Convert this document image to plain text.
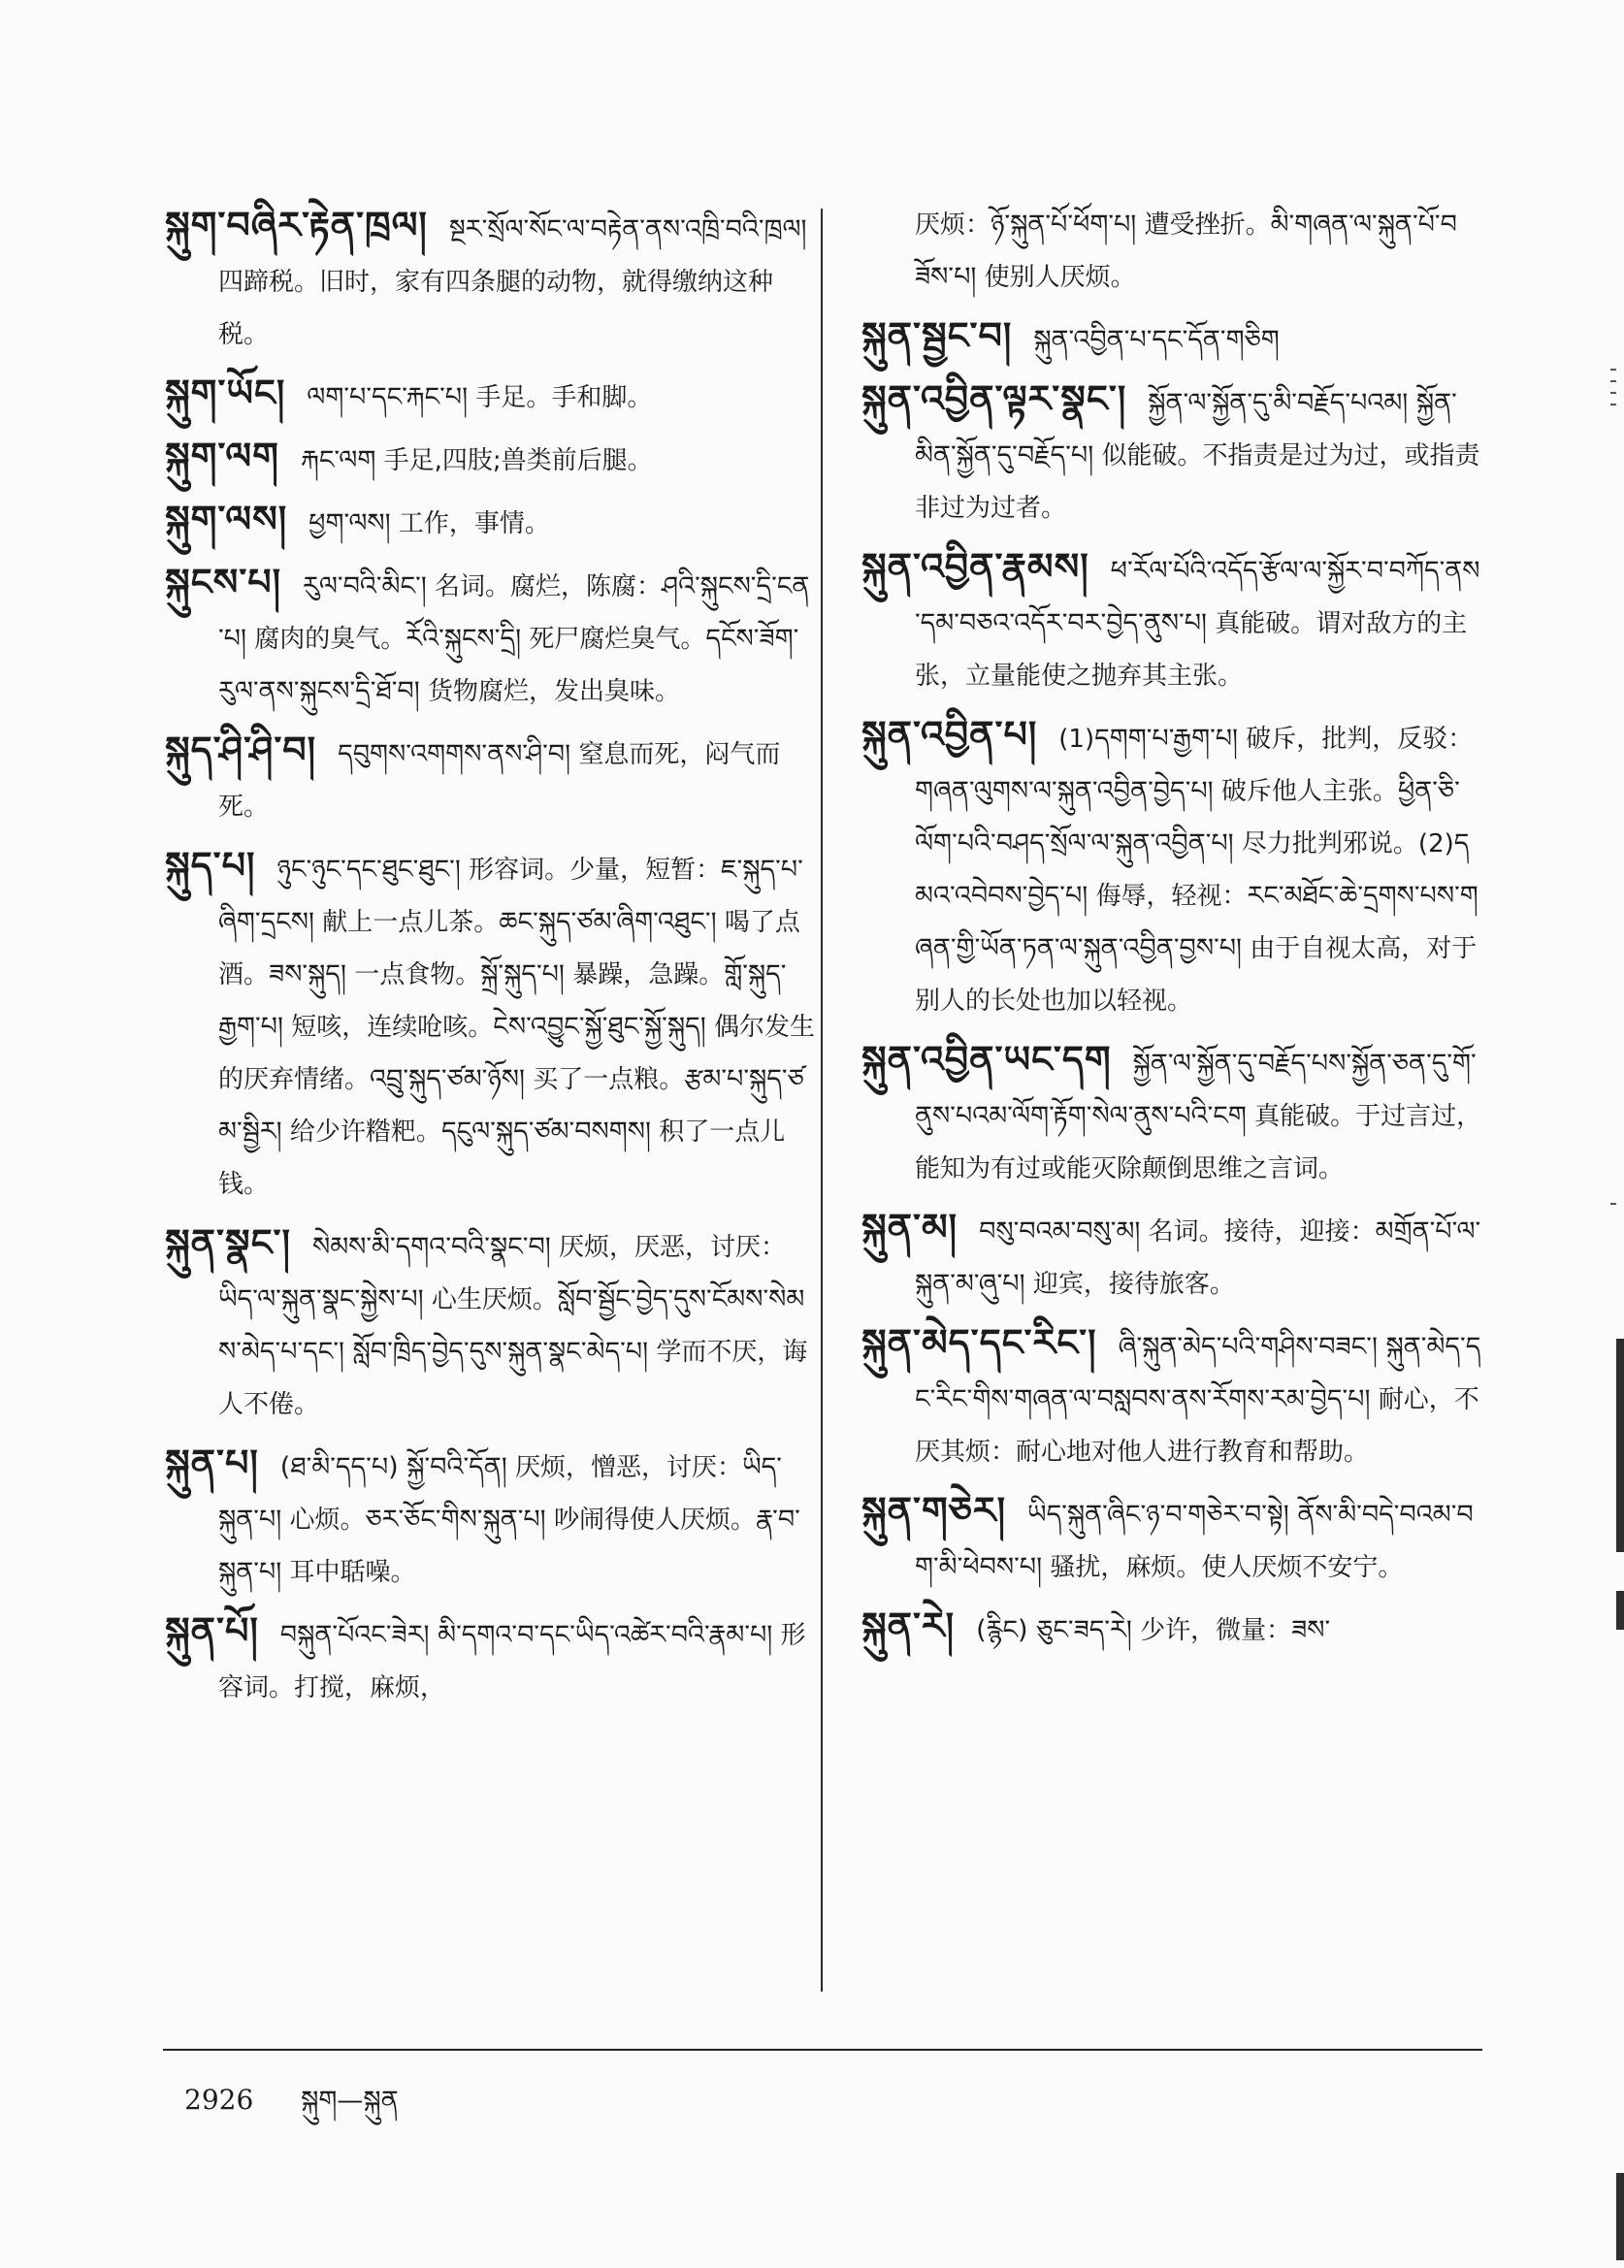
སྐུག་བཞིར་རྟེན་ཁྲལ། སྔར་སྲོལ་སོང་ལ་བརྟེན་ནས་འཁྲི་བའི་ཁྲལ། 四蹄税。旧时，家有四条腿的动物，就得缴纳这种税。

སྐུག་ཡོང། ལག་པ་དང་རྐང་པ། 手足。手和脚。

སྐུག་ལག རྐང་ལག 手足,四肢;兽类前后腿。

སྐུག་ལས། ཕྱག་ལས། 工作，事情。

སྐུངས་པ། རུལ་བའི་མིང་། 名词。腐烂，陈腐：ཤའི་སྐུངས་དྲི་ངན་པ། 腐肉的臭气。རོའི་སྐུངས་དྲི། 死尸腐烂臭气。དངོས་ཟོག་རུལ་ནས་སྐུངས་དྲི་ཐོ་བ། 货物腐烂，发出臭味。

སྐུད་ཤི་ཤི་བ། དབུགས་འགགས་ནས་ཤི་བ། 窒息而死，闷气而死。

སྐུད་པ། ཉུང་ཉུང་དང་ཐུང་ཐུང་། 形容词。少量，短暂：ཇ་སྐུད་པ་ཞིག་དྲངས། 献上一点儿茶。ཆང་སྐུད་ཙམ་ཞིག་འཐུང་། 喝了点酒。ཟས་སྐུད། 一点食物。སྐྲོ་སྐུད་པ། 暴躁，急躁。གློ་སྐུད་རྒྱག་པ། 短咳，连续呛咳。ངེས་འབྱུང་སྐྱོ་ཐུང་སྐྱོ་སྐུད། 偶尔发生的厌弃情绪。འབྲུ་སྐུད་ཙམ་ཉོས། 买了一点粮。རྩམ་པ་སྐུད་ཙམ་སྦྱིར། 给少许糌粑。དངུལ་སྐུད་ཙམ་བསགས། 积了一点儿钱。

སྐུན་སྣང་། སེམས་མི་དགའ་བའི་སྣང་བ། 厌烦，厌恶，讨厌：ཡིད་ལ་སྐུན་སྣང་སྐྱེས་པ། 心生厌烦。སློབ་སྦྱོང་བྱེད་དུས་ངོམས་སེམས་མེད་པ་དང་། སློབ་ཁྲིད་བྱེད་དུས་སྐུན་སྣང་མེད་པ། 学而不厌，诲人不倦。

སྐུན་པ། (ཐ་མི་དད་པ) སྐྱོ་བའི་དོན། 厌烦，憎恶，讨厌：ཡིད་སྐུན་པ། 心烦。ཅར་ཅོང་གིས་སྐུན་པ། 吵闹得使人厌烦。རྣ་བ་སྐུན་པ། 耳中聒噪。

སྐུན་པོ། བསྐུན་པོའང་ཟེར། མི་དགའ་བ་དང་ཡིད་འཚེར་བའི་རྣམ་པ། 形容词。打搅，麻烦，

厌烦：ཉོ་སྐུན་པོ་ཕོག་པ། 遭受挫折。མི་གཞན་ལ་སྐུན་པོ་བཟོས་པ། 使别人厌烦。

སྐུན་སྦྱང་བ། སྐུན་འབྱིན་པ་དང་དོན་གཅིག

སྐུན་འབྱིན་ལྟར་སྣང་། སྐྱོན་ལ་སྐྱོན་དུ་མི་བརྗོད་པའམ། སྐྱོན་མིན་སྐྱོན་དུ་བརྗོད་པ། 似能破。不指责是过为过，或指责非过为过者。

སྐུན་འབྱིན་རྣམས། ཕ་རོལ་པོའི་འདོད་རྩོལ་ལ་སྐྱོར་བ་བཀོད་ནས་དམ་བཅའ་འདོར་བར་བྱེད་ནུས་པ། 真能破。谓对敌方的主张，立量能使之抛弃其主张。

སྐུན་འབྱིན་པ། (1)དགག་པ་རྒྱག་པ། 破斥，批判，反驳：གཞན་ལུགས་ལ་སྐུན་འབྱིན་བྱེད་པ། 破斥他人主张。ཕྱིན་ཅི་ལོག་པའི་བཤད་སྲོལ་ལ་སྐུན་འབྱིན་པ། 尽力批判邪说。(2)དམའ་འབེབས་བྱེད་པ། 侮辱，轻视：རང་མཐོང་ཆེ་དྲགས་པས་གཞན་གྱི་ཡོན་ཏན་ལ་སྐུན་འབྱིན་བྱས་པ། 由于自视太高，对于别人的长处也加以轻视。

སྐུན་འབྱིན་ཡང་དག སྐྱོན་ལ་སྐྱོན་དུ་བརྗོད་པས་སྐྱོན་ཅན་དུ་གོ་ནུས་པའམ་ལོག་རྟོག་སེལ་ནུས་པའི་ངག 真能破。于过言过，能知为有过或能灭除颠倒思维之言词。

སྐུན་མ། བསུ་བའམ་བསུ་མ། 名词。接待，迎接：མགྲོན་པོ་ལ་སྐུན་མ་ཞུ་པ། 迎宾，接待旅客。

སྐུན་མེད་དང་རིང་། ཞི་སྐུན་མེད་པའི་གཤིས་བཟང་། སྐུན་མེད་དང་རིང་གིས་གཞན་ལ་བསླབས་ནས་རོགས་རམ་བྱེད་པ། 耐心，不厌其烦：耐心地对他人进行教育和帮助。

སྐུན་གཅེར། ཡིད་སྐུན་ཞིང་ཉ་བ་གཅེར་བ་སྟེ། ནོས་མི་བདེ་བའམ་བག་མི་ཕེབས་པ། 骚扰，麻烦。使人厌烦不安宁。

སྐུན་རེ། (རྙིང) ཅུང་ཟད་རེ། 少许，微量：ཟས་

2926 སྐུག—སྐུན
